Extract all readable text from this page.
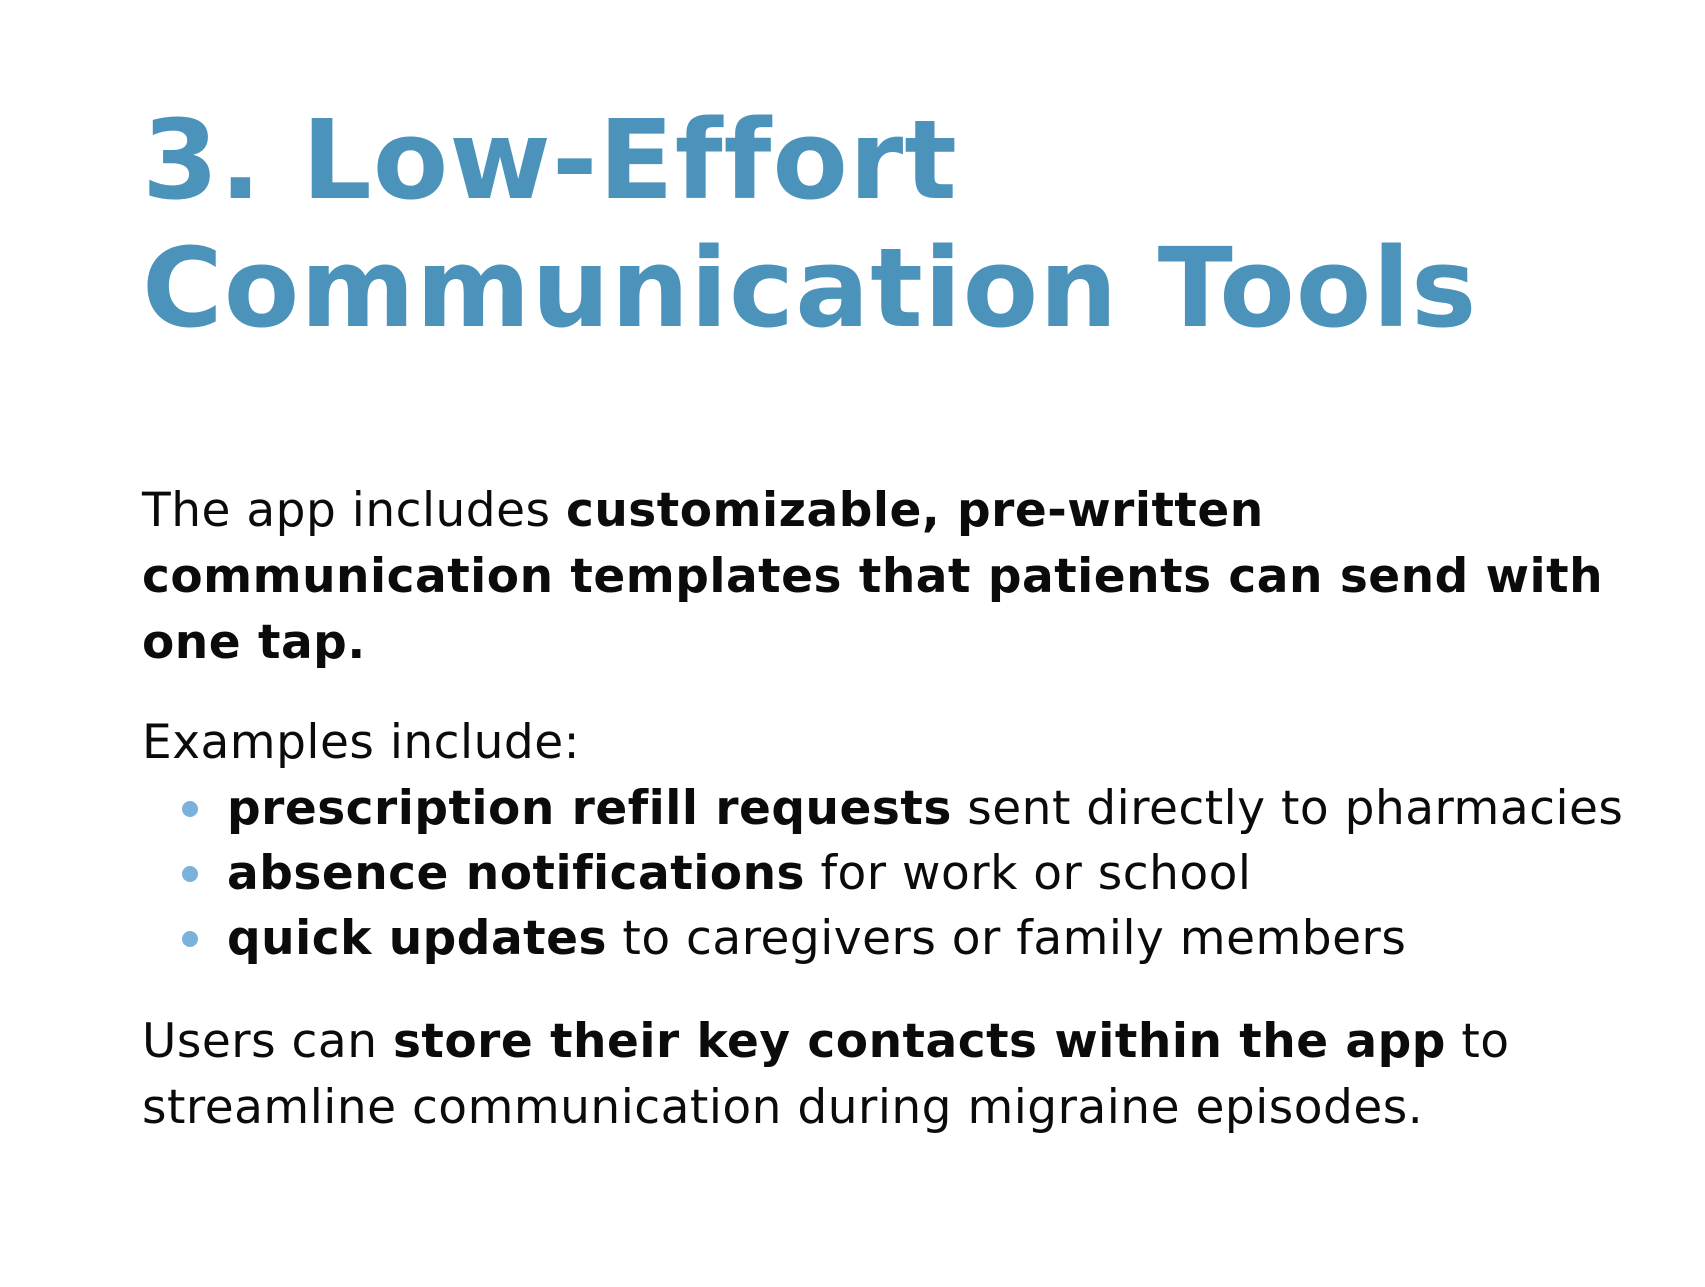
3. Low-Effort
Communication Tools

The app includes customizable, pre-written communication templates that patients can send with one tap.

Examples include:

prescription refill requests sent directly to pharmacies
absence notifications for work or school
quick updates to caregivers or family members

Users can store their key contacts within the app to streamline communication during migraine episodes.
